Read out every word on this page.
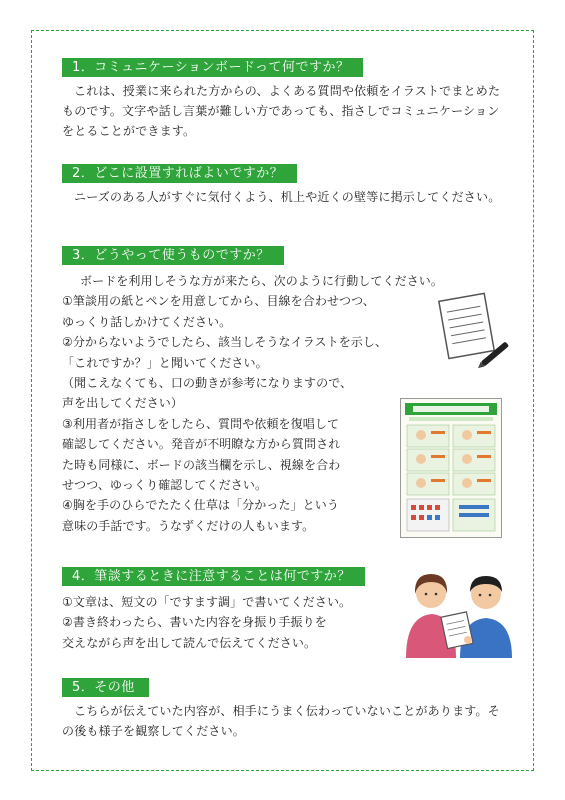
1．コミュニケーションボードって何ですか？

これは、授業に来られた方からの、よくある質問や依頼をイラストでまとめたものです。文字や話し言葉が難しい方であっても、指さしでコミュニケーションをとることができます。

2．どこに設置すればよいですか？

ニーズのある人がすぐに気付くよう、机上や近くの壁等に掲示してください。

3．どうやって使うものですか？
ボードを利用しそうな方が来たら、次のように行動してください。
①筆談用の紙とペンを用意してから、目線を合わせつつ、
ゆっくり話しかけてください。
②分からないようでしたら、該当しそうなイラストを示し、
「これですか？」と聞いてください。
（聞こえなくても、口の動きが参考になりますので、
声を出してください）
③利用者が指さしをしたら、質問や依頼を復唱して
確認してください。発音が不明瞭な方から質問され
た時も同様に、ボードの該当欄を示し、視線を合わ
せつつ、ゆっくり確認してください。
④胸を手のひらでたたく仕草は「分かった」という
意味の手話です。うなずくだけの人もいます。
4．筆談するときに注意することは何ですか？
①文章は、短文の「ですます調」で書いてください。
②書き終わったら、書いた内容を身振り手振りを
交えながら声を出して読んで伝えてください。
5．その他

こちらが伝えていた内容が、相手にうまく伝わっていないことがあります。その後も様子を観察してください。
